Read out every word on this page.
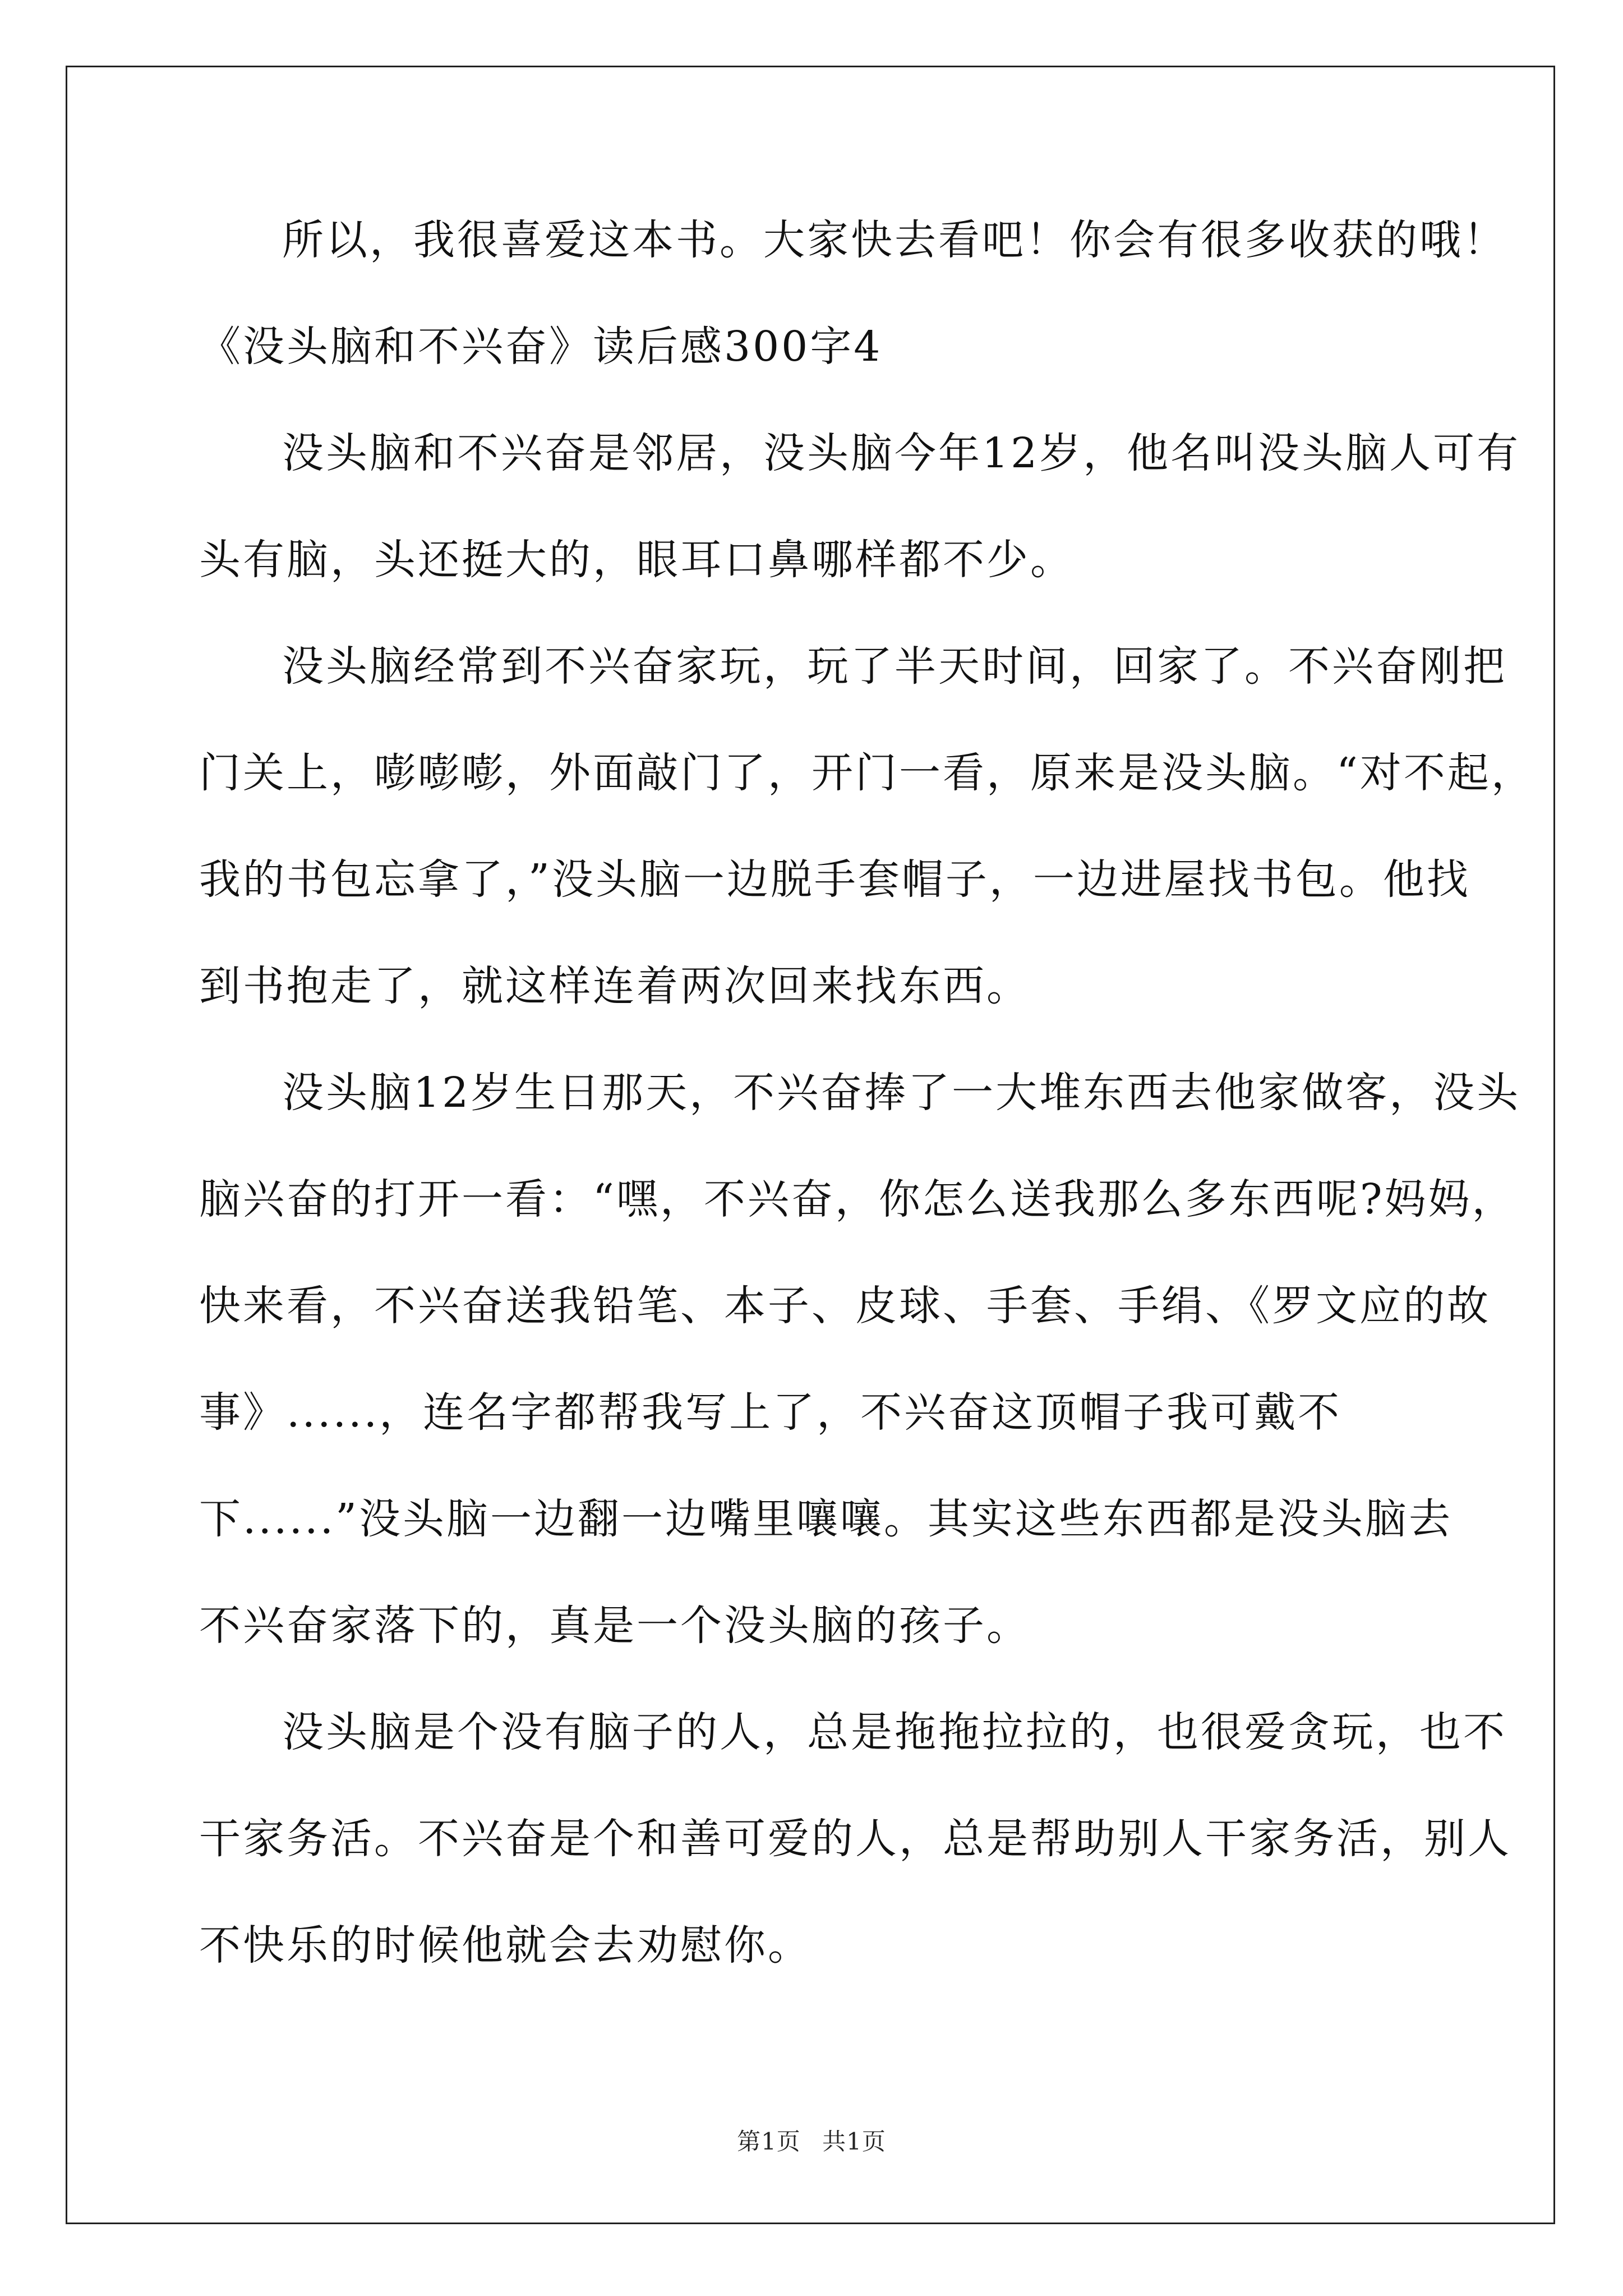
所以，我很喜爱这本书。大家快去看吧！你会有很多收获的哦！
《没头脑和不兴奋》读后感300字4
没头脑和不兴奋是邻居，没头脑今年12岁，他名叫没头脑人可有
头有脑，头还挺大的，眼耳口鼻哪样都不少。
没头脑经常到不兴奋家玩，玩了半天时间，回家了。不兴奋刚把
门关上，嘭嘭嘭，外面敲门了，开门一看，原来是没头脑。“对不起，
我的书包忘拿了，”没头脑一边脱手套帽子，一边进屋找书包。他找
到书抱走了，就这样连着两次回来找东西。
没头脑12岁生日那天，不兴奋捧了一大堆东西去他家做客，没头
脑兴奋的打开一看：“嘿，不兴奋，你怎么送我那么多东西呢?妈妈，
快来看，不兴奋送我铅笔、本子、皮球、手套、手绢、《罗文应的故
事》......，连名字都帮我写上了，不兴奋这顶帽子我可戴不
下......”没头脑一边翻一边嘴里嚷嚷。其实这些东西都是没头脑去
不兴奋家落下的，真是一个没头脑的孩子。
没头脑是个没有脑子的人，总是拖拖拉拉的，也很爱贪玩，也不
干家务活。不兴奋是个和善可爱的人，总是帮助别人干家务活，别人
不快乐的时候他就会去劝慰你。
第1页 共1页
